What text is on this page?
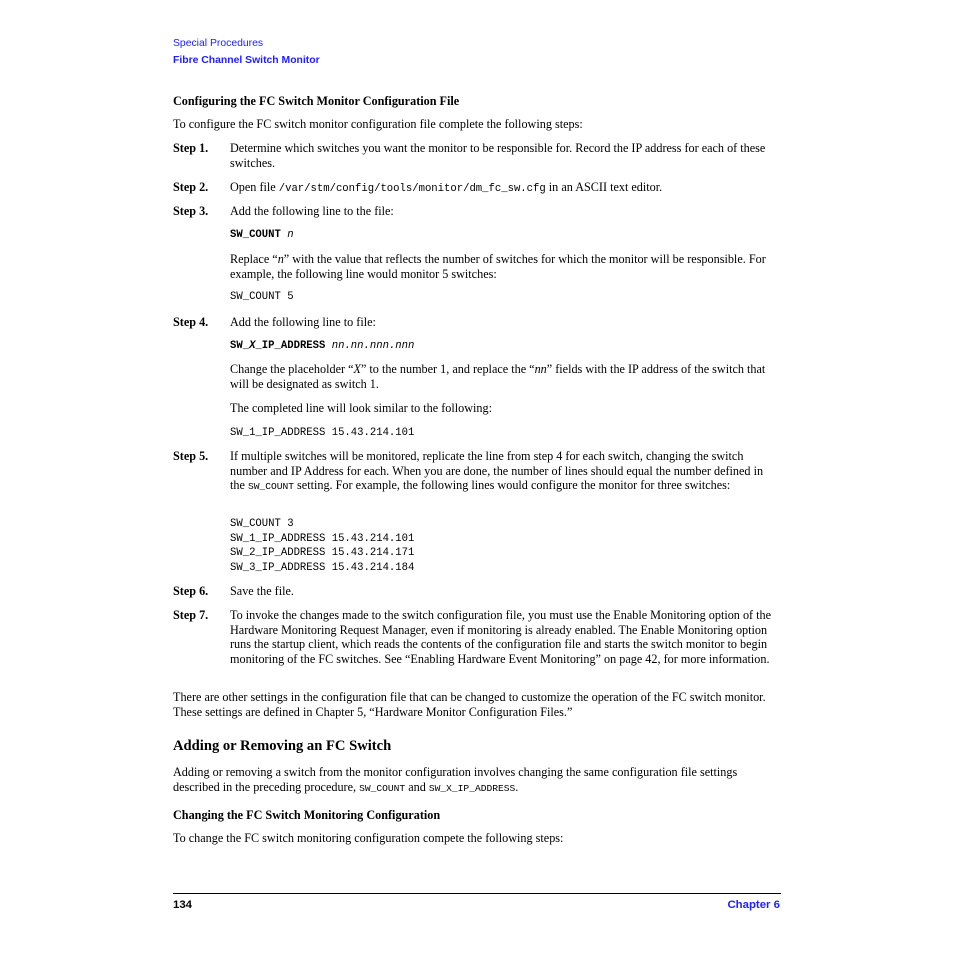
Special Procedures
Fibre Channel Switch Monitor
Configuring the FC Switch Monitor Configuration File
To configure the FC switch monitor configuration file complete the following steps:
Step 1.	Determine which switches you want the monitor to be responsible for. Record the IP address for each of these switches.
Step 2.	Open file /var/stm/config/tools/monitor/dm_fc_sw.cfg in an ASCII text editor.
Step 3.	Add the following line to the file:
SW_COUNT n
Replace “n” with the value that reflects the number of switches for which the monitor will be responsible. For example, the following line would monitor 5 switches:
SW_COUNT 5
Step 4.	Add the following line to file:
SW_X_IP_ADDRESS nn.nn.nnn.nnn
Change the placeholder “X” to the number 1, and replace the “nn” fields with the IP address of the switch that will be designated as switch 1.
The completed line will look similar to the following:
SW_1_IP_ADDRESS 15.43.214.101
Step 5.	If multiple switches will be monitored, replicate the line from step 4 for each switch, changing the switch number and IP Address for each. When you are done, the number of lines should equal the number defined in the SW_COUNT setting. For example, the following lines would configure the monitor for three switches:
SW_COUNT 3
SW_1_IP_ADDRESS 15.43.214.101
SW_2_IP_ADDRESS 15.43.214.171
SW_3_IP_ADDRESS 15.43.214.184
Step 6.	Save the file.
Step 7.	To invoke the changes made to the switch configuration file, you must use the Enable Monitoring option of the Hardware Monitoring Request Manager, even if monitoring is already enabled. The Enable Monitoring option runs the startup client, which reads the contents of the configuration file and starts the switch monitor to begin monitoring of the FC switches. See “Enabling Hardware Event Monitoring” on page 42, for more information.
There are other settings in the configuration file that can be changed to customize the operation of the FC switch monitor. These settings are defined in Chapter 5, “Hardware Monitor Configuration Files.”
Adding or Removing an FC Switch
Adding or removing a switch from the monitor configuration involves changing the same configuration file settings described in the preceding procedure, SW_COUNT and SW_X_IP_ADDRESS.
Changing the FC Switch Monitoring Configuration
To change the FC switch monitoring configuration compete the following steps:
134	Chapter 6
